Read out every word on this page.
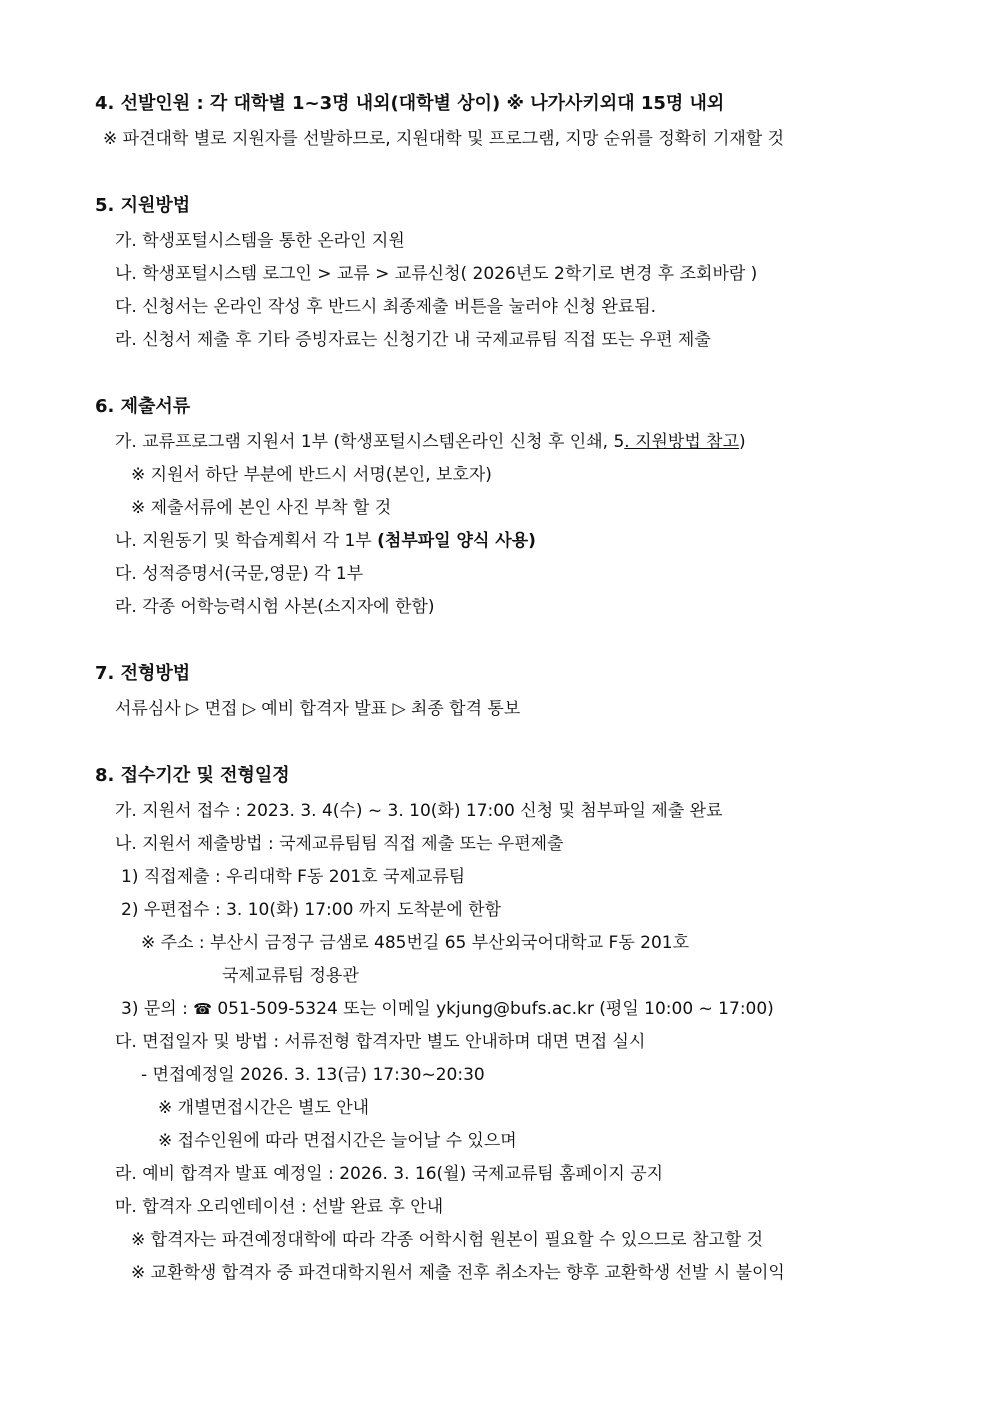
4. 선발인원 : 각 대학별 1~3명 내외(대학별 상이) ※ 나가사키외대 15명 내외
※ 파견대학 별로 지원자를 선발하므로, 지원대학 및 프로그램, 지망 순위를 정확히 기재할 것
5. 지원방법
가. 학생포털시스템을 통한 온라인 지원
나. 학생포털시스템 로그인 > 교류 > 교류신청( 2026년도 2학기로 변경 후 조회바람 )
다. 신청서는 온라인 작성 후 반드시 최종제출 버튼을 눌러야 신청 완료됨.
라. 신청서 제출 후 기타 증빙자료는 신청기간 내 국제교류팀 직접 또는 우편 제출
6. 제출서류
가. 교류프로그램 지원서 1부 (학생포털시스템온라인 신청 후 인쇄, 5. 지원방법 참고)
※ 지원서 하단 부분에 반드시 서명(본인, 보호자)
※ 제출서류에 본인 사진 부착 할 것
나. 지원동기 및 학습계획서 각 1부 (첨부파일 양식 사용)
다. 성적증명서(국문,영문) 각 1부
라. 각종 어학능력시험 사본(소지자에 한함)
7. 전형방법
서류심사 ▷ 면접 ▷ 예비 합격자 발표 ▷ 최종 합격 통보
8. 접수기간 및 전형일정
가. 지원서 접수 : 2023. 3. 4(수) ~ 3. 10(화) 17:00 신청 및 첨부파일 제출 완료
나. 지원서 제출방법 : 국제교류팀팀 직접 제출 또는 우편제출
1) 직접제출 : 우리대학 F동 201호 국제교류팀
2) 우편접수 : 3. 10(화) 17:00 까지 도착분에 한함
※ 주소 : 부산시 금정구 금샘로 485번길 65 부산외국어대학교 F동 201호
국제교류팀 정용관
3) 문의 : ☎ 051-509-5324 또는 이메일 ykjung@bufs.ac.kr (평일 10:00 ~ 17:00)
다. 면접일자 및 방법 : 서류전형 합격자만 별도 안내하며 대면 면접 실시
- 면접예정일 2026. 3. 13(금) 17:30~20:30
※ 개별면접시간은 별도 안내
※ 접수인원에 따라 면접시간은 늘어날 수 있으며
라. 예비 합격자 발표 예정일 : 2026. 3. 16(월) 국제교류팀 홈페이지 공지
마. 합격자 오리엔테이션 : 선발 완료 후 안내
※ 합격자는 파견예정대학에 따라 각종 어학시험 원본이 필요할 수 있으므로 참고할 것
※ 교환학생 합격자 중 파견대학지원서 제출 전후 취소자는 향후 교환학생 선발 시 불이익
